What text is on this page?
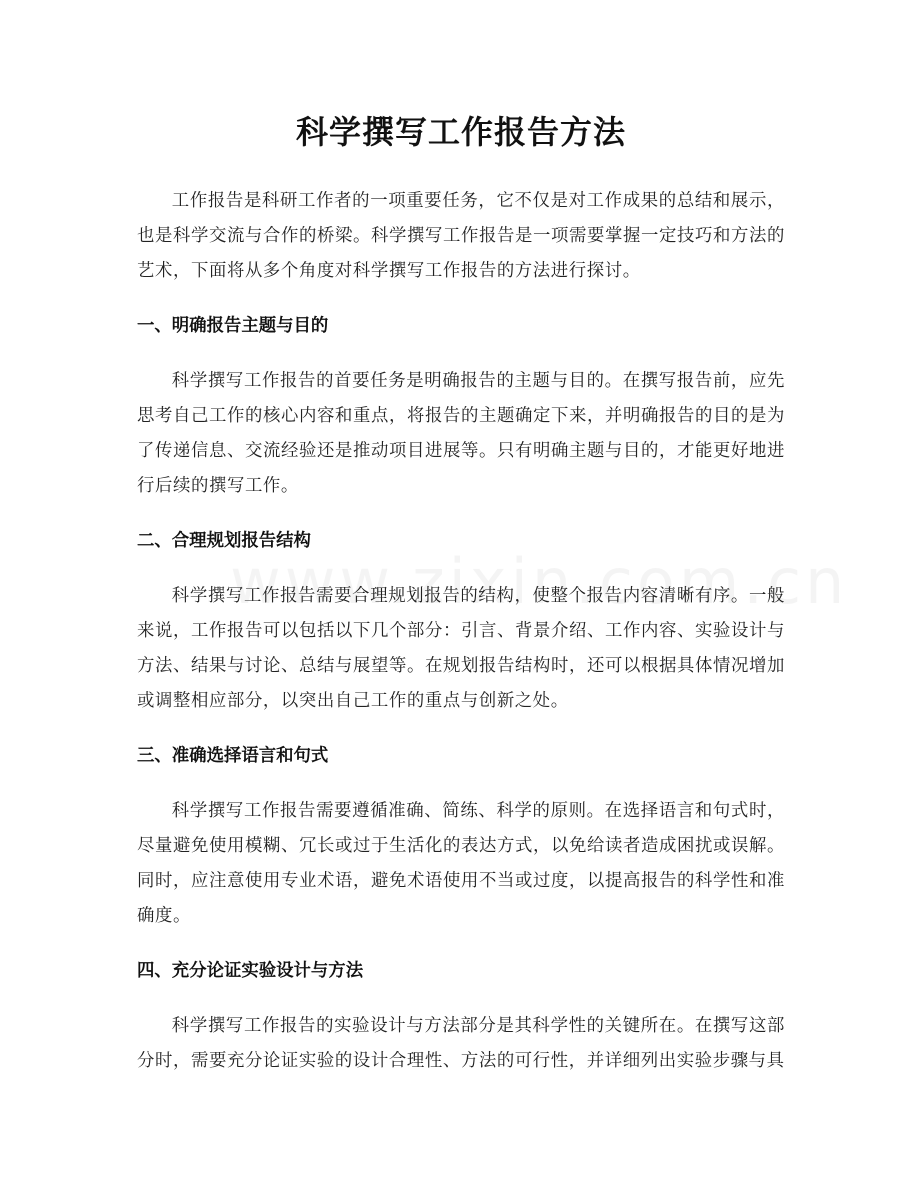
科学撰写工作报告方法

工作报告是科研工作者的一项重要任务，它不仅是对工作成果的总结和展示，也是科学交流与合作的桥梁。科学撰写工作报告是一项需要掌握一定技巧和方法的艺术，下面将从多个角度对科学撰写工作报告的方法进行探讨。

一、明确报告主题与目的

科学撰写工作报告的首要任务是明确报告的主题与目的。在撰写报告前，应先思考自己工作的核心内容和重点，将报告的主题确定下来，并明确报告的目的是为了传递信息、交流经验还是推动项目进展等。只有明确主题与目的，才能更好地进行后续的撰写工作。

二、合理规划报告结构

科学撰写工作报告需要合理规划报告的结构，使整个报告内容清晰有序。一般来说，工作报告可以包括以下几个部分：引言、背景介绍、工作内容、实验设计与方法、结果与讨论、总结与展望等。在规划报告结构时，还可以根据具体情况增加或调整相应部分，以突出自己工作的重点与创新之处。

三、准确选择语言和句式

科学撰写工作报告需要遵循准确、简练、科学的原则。在选择语言和句式时，尽量避免使用模糊、冗长或过于生活化的表达方式，以免给读者造成困扰或误解。同时，应注意使用专业术语，避免术语使用不当或过度，以提高报告的科学性和准确度。

四、充分论证实验设计与方法

科学撰写工作报告的实验设计与方法部分是其科学性的关键所在。在撰写这部分时，需要充分论证实验的设计合理性、方法的可行性，并详细列出实验步骤与具
